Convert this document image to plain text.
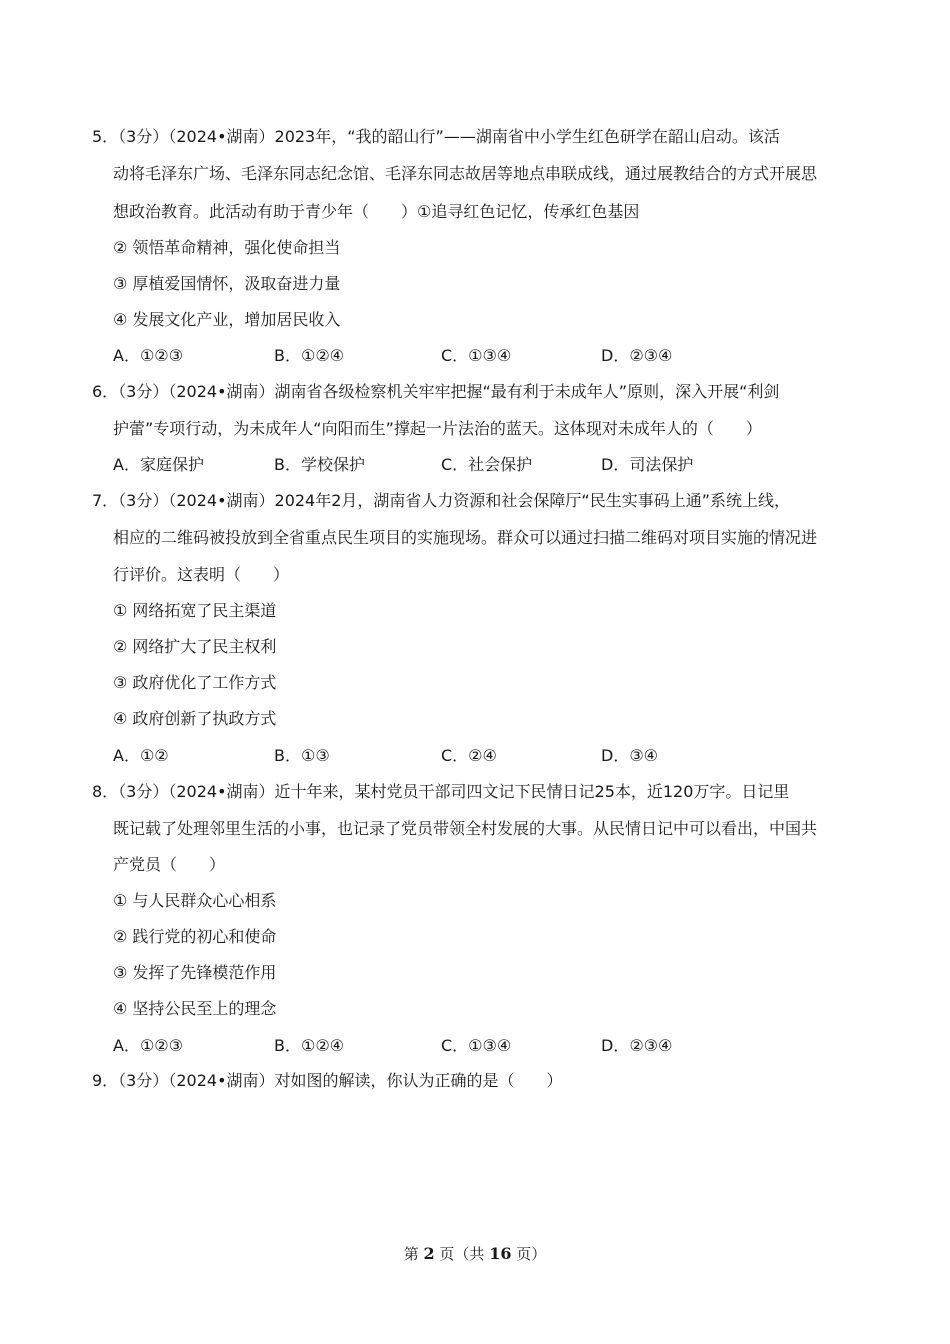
5．（3分）（2024•湖南）2023年，“我的韶山行”——湖南省中小学生红色研学在韶山启动。该活
动将毛泽东广场、毛泽东同志纪念馆、毛泽东同志故居等地点串联成线，通过展教结合的方式开展思
想政治教育。此活动有助于青少年（　　）①追寻红色记忆，传承红色基因
② 领悟革命精神，强化使命担当
③ 厚植爱国情怀，汲取奋进力量
④ 发展文化产业，增加居民收入
A．①②③	B．①②④	C．①③④	D．②③④
6．（3分）（2024•湖南）湖南省各级检察机关牢牢把握“最有利于未成年人”原则，深入开展“利剑
护蕾”专项行动，为未成年人“向阳而生”撑起一片法治的蓝天。这体现对未成年人的（　　）
A．家庭保护	B．学校保护	C．社会保护	D．司法保护
7．（3分）（2024•湖南）2024年2月，湖南省人力资源和社会保障厅“民生实事码上通”系统上线，
相应的二维码被投放到全省重点民生项目的实施现场。群众可以通过扫描二维码对项目实施的情况进
行评价。这表明（　　）
① 网络拓宽了民主渠道
② 网络扩大了民主权利
③ 政府优化了工作方式
④ 政府创新了执政方式
A．①②	B．①③	C．②④	D．③④
8．（3分）（2024•湖南）近十年来，某村党员干部司四文记下民情日记25本，近120万字。日记里
既记载了处理邻里生活的小事，也记录了党员带领全村发展的大事。从民情日记中可以看出，中国共
产党员（　　）
① 与人民群众心心相系
② 践行党的初心和使命
③ 发挥了先锋模范作用
④ 坚持公民至上的理念
A．①②③	B．①②④	C．①③④	D．②③④
9．（3分）（2024•湖南）对如图的解读，你认为正确的是（　　）
第 2 页（共 16 页）
